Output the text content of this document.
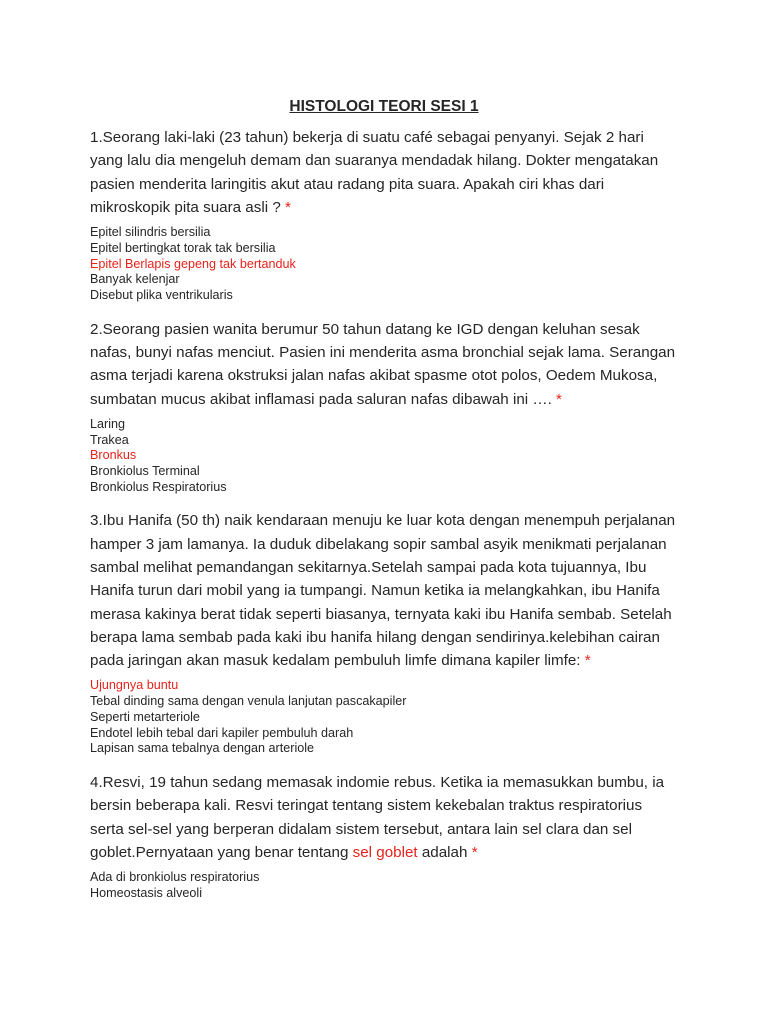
HISTOLOGI TEORI SESI 1

1.Seorang laki-laki (23 tahun) bekerja di suatu café sebagai penyanyi. Sejak 2 hari yang lalu dia mengeluh demam dan suaranya mendadak hilang. Dokter mengatakan pasien menderita laringitis akut atau radang pita suara. Apakah ciri khas dari mikroskopik pita suara asli ? *

Epitel silindris bersilia
Epitel bertingkat torak tak bersilia
Epitel Berlapis gepeng tak bertanduk
Banyak kelenjar
Disebut plika ventrikularis

2.Seorang pasien wanita berumur 50 tahun datang ke IGD dengan keluhan sesak nafas, bunyi nafas menciut. Pasien ini menderita asma bronchial sejak lama. Serangan asma terjadi karena okstruksi jalan nafas akibat spasme otot polos, Oedem Mukosa, sumbatan mucus akibat inflamasi pada saluran nafas dibawah ini …. *

Laring
Trakea
Bronkus
Bronkiolus Terminal
Bronkiolus Respiratorius

3.Ibu Hanifa (50 th) naik kendaraan menuju ke luar kota dengan menempuh perjalanan hamper 3 jam lamanya. Ia duduk dibelakang sopir sambal asyik menikmati perjalanan sambal melihat pemandangan sekitarnya.Setelah sampai pada kota tujuannya, Ibu Hanifa turun dari mobil yang ia tumpangi. Namun ketika ia melangkahkan, ibu Hanifa merasa kakinya berat tidak seperti biasanya, ternyata kaki ibu Hanifa sembab. Setelah berapa lama sembab pada kaki ibu hanifa hilang dengan sendirinya.kelebihan cairan pada jaringan akan masuk kedalam pembuluh limfe dimana kapiler limfe: *

Ujungnya buntu
Tebal dinding sama dengan venula lanjutan pascakapiler
Seperti metarteriole
Endotel lebih tebal dari kapiler pembuluh darah
Lapisan sama tebalnya dengan arteriole

4.Resvi, 19 tahun sedang memasak indomie rebus. Ketika ia memasukkan bumbu, ia bersin beberapa kali. Resvi teringat tentang sistem kekebalan traktus respiratorius serta sel-sel yang berperan didalam sistem tersebut, antara lain sel clara dan sel goblet.Pernyataan yang benar tentang sel goblet adalah *

Ada di bronkiolus respiratorius
Homeostasis alveoli
